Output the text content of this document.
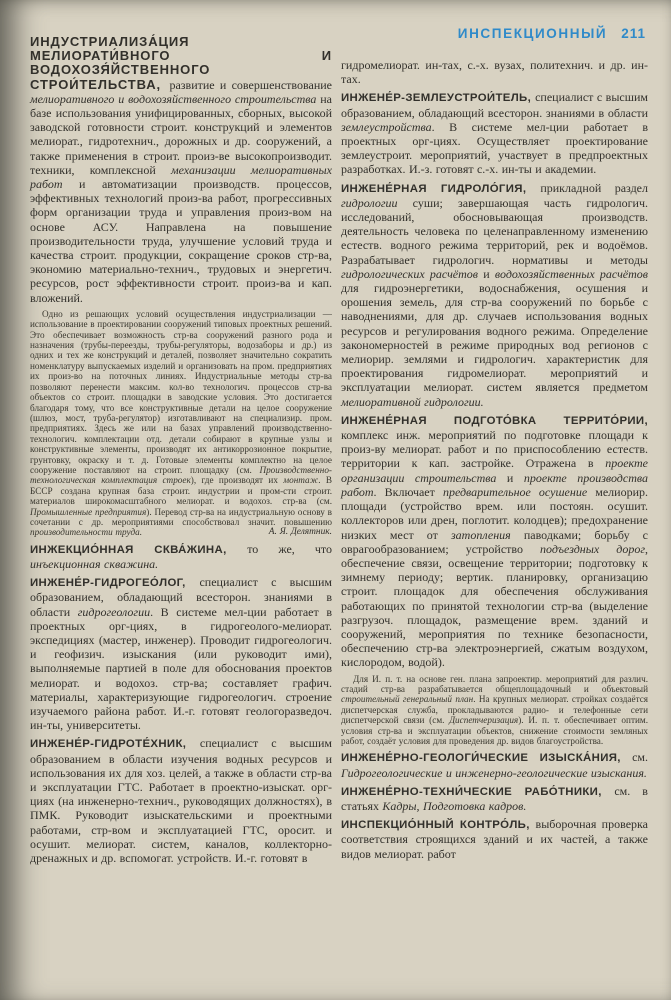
ИНСПЕКЦИОННЫЙ 211

ИНДУСТРИАЛИЗА́ЦИЯ МЕЛИОРАТИ́ВНОГО И ВОДОХОЗЯ́ЙСТВЕННОГО СТРОИ́ТЕЛЬСТВА, развитие и совершенствование мелиоративного и водохозяйственного строительства на базе использования унифицированных, сборных, высокой заводской готовности строит. конструкций и элементов мелиорат., гидротехнич., дорожных и др. сооружений, а также применения в строит. произ-ве высокопроизводит. техники, комплексной механизации мелиоративных работ и автоматизации производств. процессов, эффективных технологий произ-ва работ, прогрессивных форм организации труда и управления произ-вом на основе АСУ. Направлена на повышение производительности труда, улучшение условий труда и качества строит. продукции, сокращение сроков стр-ва, экономию материально-технич., трудовых и энергетич. ресурсов, рост эффективности строит. произ-ва и кап. вложений.

Одно из решающих условий осуществления индустриализации — использование в проектировании сооружений типовых проектных решений. Это обеспечивает возможность стр-ва сооружений разного рода и назначения (трубы-переезды, трубы-регуляторы, водозаборы и др.) из одних и тех же конструкций и деталей, позволяет значительно сократить номенклатуру выпускаемых изделий и организовать на пром. предприятиях их произ-во на поточных линиях. Индустриальные методы стр-ва позволяют перенести максим. кол-во технологич. процессов стр-ва объектов со строит. площадки в заводские условия. Это достигается благодаря тому, что все конструктивные детали на целое сооружение (шлюз, мост, труба-регулятор) изготавливают на специализир. пром. предприятиях. Здесь же или на базах управлений производственно-технологич. комплектации отд. детали собирают в крупные узлы и конструктивные элементы, производят их антикоррозионное покрытие, грунтовку, окраску и т. д. Готовые элементы комплектно на целое сооружение поставляют на строит. площадку (см. Производственно-технологическая комплектация строек), где производят их монтаж. В БССР создана крупная база строит. индустрии и пром-сти строит. материалов широкомасштабного мелиорат. и водохоз. стр-ва (см. Промышленные предприятия). Перевод стр-ва на индустриальную основу в сочетании с др. мероприятиями способствовал значит. повышению производительности труда.	А. Я. Делятник.

ИНЖЕКЦИО́ННАЯ СКВА́ЖИНА, то же, что инъекционная скважина.

ИНЖЕНЕ́Р-ГИДРОГЕО́ЛОГ, специалист с высшим образованием, обладающий всесторон. знаниями в области гидрогеологии. В системе мел-ции работает в проектных орг-циях, в гидрогеолого-мелиорат. экспедициях (мастер, инженер). Проводит гидрогеологич. и геофизич. изыскания (или руководит ими), выполняемые партией в поле для обоснования проектов мелиорат. и водохоз. стр-ва; составляет графич. материалы, характеризующие гидрогеологич. строение изучаемого района работ. И.-г. готовят геологоразведоч. ин-ты, университеты.

ИНЖЕНЕ́Р-ГИДРОТЕ́ХНИК, специалист с высшим образованием в области изучения водных ресурсов и использования их для хоз. целей, а также в области стр-ва и эксплуатации ГТС. Работает в проектно-изыскат. орг-циях (на инженерно-технич., руководящих должностях), в ПМК. Руководит изыскательскими и проектными работами, стр-вом и эксплуатацией ГТС, оросит. и осушит. мелиорат. систем, каналов, коллекторно-дренажных и др. вспомогат. устройств. И.-г. готовят в

гидромелиорат. ин-тах, с.-х. вузах, политехнич. и др. ин-тах.

ИНЖЕНЕ́Р-ЗЕМЛЕУСТРОИ́ТЕЛЬ, специалист с высшим образованием, обладающий всесторон. знаниями в области землеустройства. В системе мел-ции работает в проектных орг-циях. Осуществляет проектирование землеустроит. мероприятий, участвует в предпроектных разработках. И.-з. готовят с.-х. ин-ты и академии.

ИНЖЕНЕ́РНАЯ ГИДРОЛО́ГИЯ, прикладной раздел гидрологии суши; завершающая часть гидрологич. исследований, обосновывающая производств. деятельность человека по целенаправленному изменению естеств. водного режима территорий, рек и водоёмов. Разрабатывает гидрологич. нормативы и методы гидрологических расчётов и водохозяйственных расчётов для гидроэнергетики, водоснабжения, осушения и орошения земель, для стр-ва сооружений по борьбе с наводнениями, для др. случаев использования водных ресурсов и регулирования водного режима. Определение закономерностей в режиме природных вод регионов с мелиорир. землями и гидрологич. характеристик для проектирования гидромелиорат. мероприятий и эксплуатации мелиорат. систем является предметом мелиоративной гидрологии.

ИНЖЕНЕ́РНАЯ ПОДГОТО́ВКА ТЕРРИТО́РИИ, комплекс инж. мероприятий по подготовке площади к произ-ву мелиорат. работ и по приспособлению естеств. территории к кап. застройке. Отражена в проекте организации строительства и проекте производства работ. Включает предварительное осушение мелиорир. площади (устройство врем. или постоян. осушит. коллекторов или дрен, поглотит. колодцев); предохранение низких мест от затопления паводками; борьбу с оврагообразованием; устройство подъездных дорог, обеспечение связи, освещение территории; подготовку к зимнему периоду; вертик. планировку, организацию строит. площадок для обеспечения обслуживания работающих по принятой технологии стр-ва (выделение разгрузоч. площадок, размещение врем. зданий и сооружений, мероприятия по технике безопасности, обеспечению стр-ва электроэнергией, сжатым воздухом, кислородом, водой).

Для И. п. т. на основе ген. плана запроектир. мероприятий для различ. стадий стр-ва разрабатывается общеплощадочный и объектовый строительный генеральный план. На крупных мелиорат. стройках создаётся диспетчерская служба, прокладываются радио- и телефонные сети диспетчерской связи (см. Диспетчеризация). И. п. т. обеспечивает оптим. условия стр-ва и эксплуатации объектов, снижение стоимости земляных работ, создаёт условия для проведения др. видов благоустройства.

ИНЖЕНЕ́РНО-ГЕОЛОГИ́ЧЕСКИЕ ИЗЫСКА́НИЯ, см. Гидрогеологические и инженерно-геологические изыскания.

ИНЖЕНЕ́РНО-ТЕХНИ́ЧЕСКИЕ РАБО́ТНИКИ, см. в статьях Кадры, Подготовка кадров.

ИНСПЕКЦИО́ННЫЙ КОНТРО́ЛЬ, выборочная проверка соответствия строящихся зданий и их частей, а также видов мелиорат. работ
